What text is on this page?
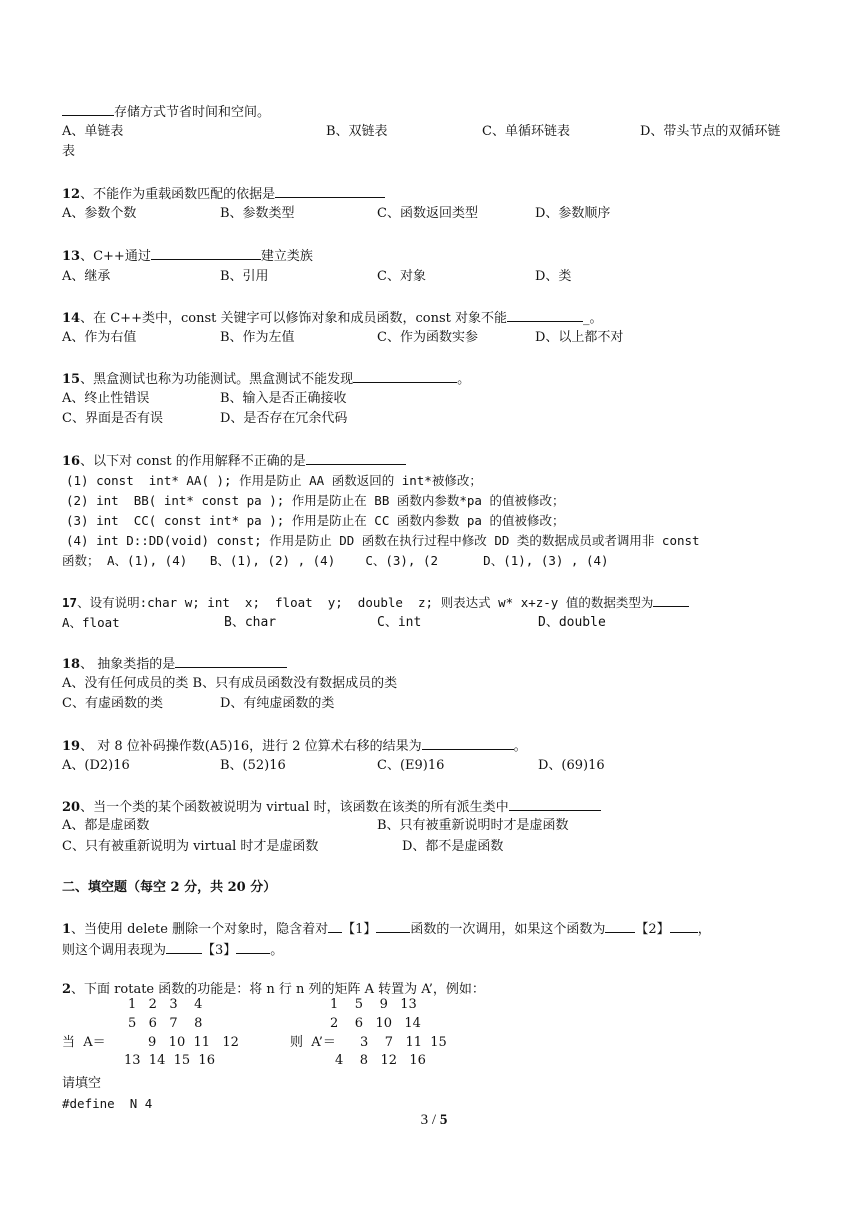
存储方式节省时间和空间。
A、单链表	B、双链表	C、单循环链表	D、带头节点的双循环链
表
12、不能作为重载函数匹配的依据是
A、参数个数	B、参数类型	C、函数返回类型	D、参数顺序
13、C++通过	建立类族
A、继承	B、引用	C、对象	D、类
14、在 C++类中，const 关键字可以修饰对象和成员函数，const 对象不能	_。
A、作为右值	B、作为左值	C、作为函数实参	D、以上都不对
15、黑盒测试也称为功能测试。黑盒测试不能发现	。
A、终止性错误	B、输入是否正确接收
C、界面是否有误	D、是否存在冗余代码
16、以下对 const 的作用解释不正确的是
(1) const  int* AA( ); 作用是防止 AA 函数返回的 int*被修改；
(2) int  BB( int* const pa ); 作用是防止在 BB 函数内参数*pa 的值被修改；
(3) int  CC( const int* pa ); 作用是防止在 CC 函数内参数 pa 的值被修改；
(4) int D::DD(void) const; 作用是防止 DD 函数在执行过程中修改 DD 类的数据成员或者调用非 const
函数； A、(1), (4)   B、(1), (2) , (4)    C、(3), (2      D、(1), (3) , (4)
17、设有说明:char w; int  x;  float  y;  double  z; 则表达式 w* x+z-y 值的数据类型为
A、float	B、char	C、int	D、double
18、 抽象类指的是
A、没有任何成员的类 B、只有成员函数没有数据成员的类
C、有虚函数的类	D、有纯虚函数的类
19、 对 8 位补码操作数(A5)16，进行 2 位算术右移的结果为	。
A、(D2)16	B、(52)16	C、(E9)16	D、(69)16
20、当一个类的某个函数被说明为 virtual 时，该函数在该类的所有派生类中
A、都是虚函数	B、只有被重新说明时才是虚函数
C、只有被重新说明为 virtual 时才是虚函数	D、都不是虚函数
二、填空题（每空 2 分，共 20 分）
1、当使用 delete 删除一个对象时，隐含着对 【1】	函数的一次调用，如果这个函数为 【2】 ，
则这个调用表现为	【3】	。
2、下面 rotate 函数的功能是：将 n 行 n 列的矩阵 A 转置为 A’，例如：
1   2   3    4
5   6   7    8
9   10  11   12
13  14  15  16
1    5    9   13
2    6   10   14
3    7   11  15
4    8   12   16
当  A＝	则  A’＝
请填空
#define  N 4
3 / 5
